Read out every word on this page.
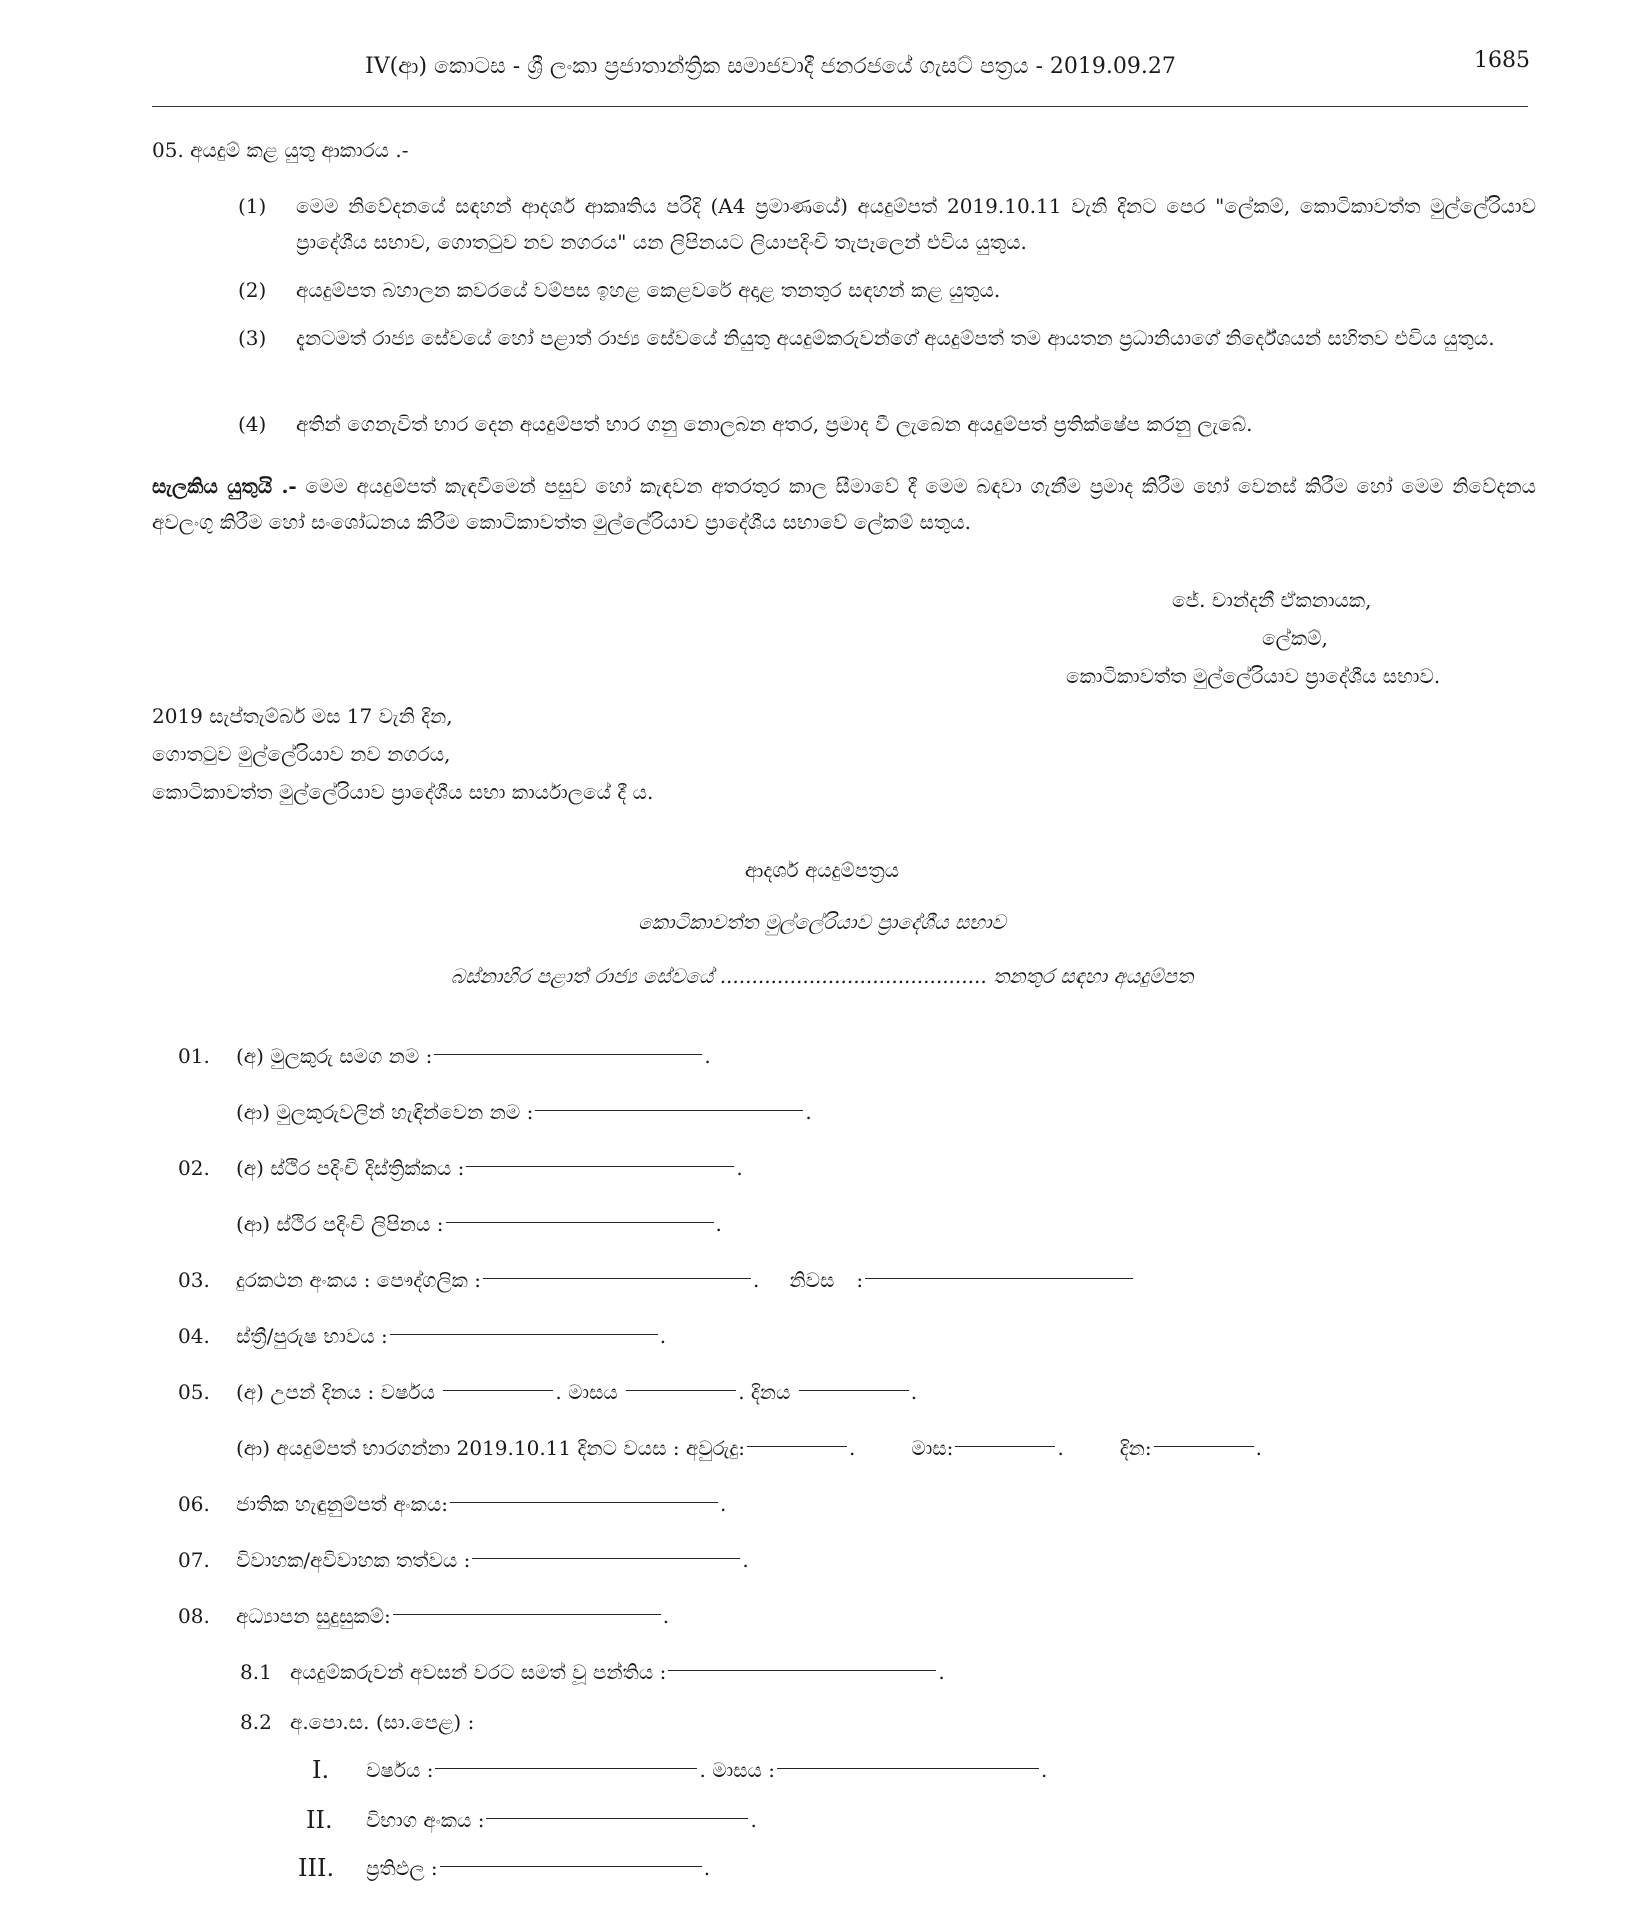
IV(ආ) කොටස - ශ්‍රී ලංකා ප්‍රජාතාන්ත්‍රික සමාජවාදී ජනරජයේ ගැසට් පත්‍රය - 2019.09.27	1685
05. අයදුම් කළ යුතු ආකාරය .-
(1) මෙම නිවේදනයේ සඳහන් ආදර්ශ ආකෘතිය පරිදි (A4 ප්‍රමාණයේ) අයදුම්පත් 2019.10.11 වැනි දිනට පෙර "ලේකම්, කොටිකාවත්ත මුල්ලේරියාව ප්‍රාදේශීය සභාව, ගොතටුව නව නගරය" යන ලිපිනයට ලියාපදිංචි තැපෑලෙන් එවිය යුතුය.
(2) අයදුම්පත බහාලන කවරයේ වම්පස ඉහළ කෙළවරේ අදාළ තනතුර සඳහන් කළ යුතුය.
(3) දැනටමත් රාජ්‍ය සේවයේ හෝ පළාත් රාජ්‍ය සේවයේ නියුතු අයදුම්කරුවන්ගේ අයදුම්පත් තම ආයතන ප්‍රධානියාගේ නිර්දේශයන් සහිතව එවිය යුතුය.
(4) අතින් ගෙනැවිත් භාර දෙන අයදුම්පත් භාර ගනු නොලබන අතර, ප්‍රමාද වී ලැබෙන අයදුම්පත් ප්‍රතික්ෂේප කරනු ලැබේ.
සැලකිය යුතුයි .- මෙම අයදුම්පත් කැඳවීමෙන් පසුව හෝ කැඳවන අතරතුර කාල සීමාවේ දී මෙම බඳවා ගැනීම ප්‍රමාද කිරීම හෝ වෙනස් කිරීම හෝ මෙම නිවේදනය අවලංගු කිරීම හෝ සංශෝධනය කිරීම කොටිකාවත්ත මුල්ලේරියාව ප්‍රාදේශීය සභාවේ ලේකම් සතුය.
ජේ. චාන්දනී ඒකනායක,
ලේකම්,
කොටිකාවත්ත මුල්ලේරියාව ප්‍රාදේශීය සභාව.
2019 සැප්තැම්බර් මස 17 වැනි දින,
ගොතටුව මුල්ලේරියාව නව නගරය,
කොටිකාවත්ත මුල්ලේරියාව ප්‍රාදේශීය සභා කාර්යාලයේ දී ය.
ආදර්ශ අයදුම්පත්‍රය
කොටිකාවත්ත මුල්ලේරියාව ප්‍රාදේශීය සභාව
බස්නාහිර පළාත් රාජ්‍ය සේවයේ .......................................... තනතුර සඳහා අයදුම්පත
01. (අ) මුලකුරු සමග නම :	.
(ආ) මුලකුරුවලින් හැඳින්වෙන නම :	.
02. (අ) ස්ථිර පදිංචි දිස්ත්‍රික්කය :	.
(ආ) ස්ථිර පදිංචි ලිපිනය :	.
03. දුරකථන අංකය : පෞද්ගලික :	. නිවස :
04. ස්ත්‍රී/පුරුෂ භාවය :	.
05. (අ) උපන් දිනය : වර්ෂය	. මාසය	. දිනය	.
(ආ) අයදුම්පත් භාරගන්නා 2019.10.11 දිනට වයස : අවුරුදු:	.	මාස:	.	දින:	.
06. ජාතික හැඳුනුම්පත් අංකය:	.
07. විවාහක/අවිවාහක තත්වය :	.
08. අධ්‍යාපන සුදුසුකම්:	.
8.1 අයදුම්කරුවන් අවසන් වරට සමත් වූ පන්තිය :	.
8.2 අ.පො.ස. (සා.පෙළ) :
I. වර්ෂය :	. මාසය :	.
II. විභාග අංකය :	.
III. ප්‍රතිඵල :	.
